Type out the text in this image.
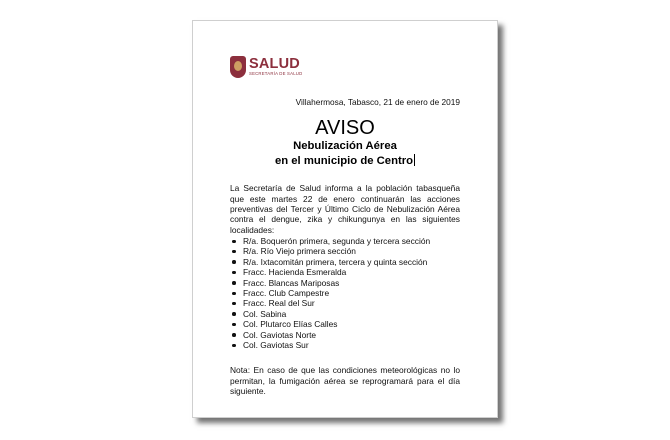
SALUD
SECRETARÍA DE SALUD
Villahermosa, Tabasco, 21 de enero de 2019
AVISO
Nebulización Aérea
en el municipio de Centro

La Secretaría de Salud informa a la población tabasqueña que este martes 22 de enero continuarán las acciones preventivas del Tercer y Último Ciclo de Nebulización Aérea contra el dengue, zika y chikungunya en las siguientes localidades:

R/a. Boquerón primera, segunda y tercera sección
R/a. Río Viejo primera sección
R/a. Ixtacomitán primera, tercera y quinta sección
Fracc. Hacienda Esmeralda
Fracc. Blancas Mariposas
Fracc. Club Campestre
Fracc. Real del Sur
Col. Sabina
Col. Plutarco Elías Calles
Col. Gaviotas Norte
Col. Gaviotas Sur

Nota: En caso de que las condiciones meteorológicas no lo permitan, la fumigación aérea se reprogramará para el día siguiente.
